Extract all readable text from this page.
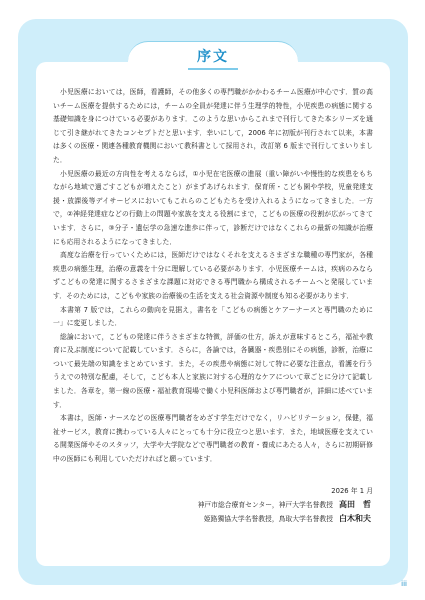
序文

小児医療においては，医師，看護師，その他多くの専門職がかかわるチーム医療が中心です．質の高いチーム医療を提供するためには，チームの全員が発達に伴う生理学的特性，小児疾患の病態に関する基礎知識を身につけている必要があります．このような思いからこれまで刊行してきた本シリーズを通じて引き継がれてきたコンセプトだと思います．幸いにして，2006 年に初版が刊行されて以来，本書は多くの医療・関連各種教育機関において教科書として採用され，改訂第 6 版まで刊行してまいりました．

小児医療の最近の方向性を考えるならば，①小児在宅医療の進展（重い障がいや慢性的な疾患をもちながら地域で過ごすこどもが増えたこと）がまずあげられます．保育所・こども園や学校，児童発達支援・放課後等デイサービスにおいてもこれらのこどもたちを受け入れるようになってきました．一方で，②神経発達症などの行動上の問題や家族を支える役割にまで，こどもの医療の役割が広がってきています．さらに，③分子・遺伝学の急速な進歩に伴って，診断だけではなくこれらの最新の知識が治療にも応用されるようになってきました．

高度な治療を行っていくためには，医師だけではなくそれを支えるさまざまな職種の専門家が，各種疾患の病態生理，治療の意義を十分に理解している必要があります．小児医療チームは，疾病のみならずこどもの発達に関するさまざまな課題に対応できる専門職から構成されるチームへと発展しています．そのためには，こどもや家族の治療後の生活を支える社会資源や制度も知る必要があります．

本書第 7 版では，これらの動向を見据え，書名を「こどもの病態とケアーナースと専門職のために一」に変更しました．

総論において，こどもの発達に伴うさまざまな特徴，評価の仕方，訴えが意味するところ，福祉や教育に及ぶ制度について記載しています．さらに，各論では，各臓器・疾患別にその病態，診断，治療について最先端の知識をまとめています．また，その疾患や病態に対して特に必要な注意点，看護を行ううえでの特別な配慮，そして，こども本人と家族に対する心理的なケアについて章ごとに分けて記載しました．各章を，第一線の医療・福祉教育現場で働く小児科医師および専門職者が，詳細に述べています．

本書は，医師・ナースなどの医療専門職者をめざす学生だけでなく，リハビリテーション，保健，福祉サービス，教育に携わっている人々にとっても十分に役立つと思います．また，地域医療を支えている開業医師やそのスタッフ，大学や大学院などで専門職者の教育・養成にあたる人々，さらに初期研修中の医師にも利用していただければと願っています．

2026 年 1 月
神戸市総合療育センター，神戸大学名誉教授 高田　哲
姫路獨協大学名誉教授，鳥取大学名誉教授 白木和夫
iii
